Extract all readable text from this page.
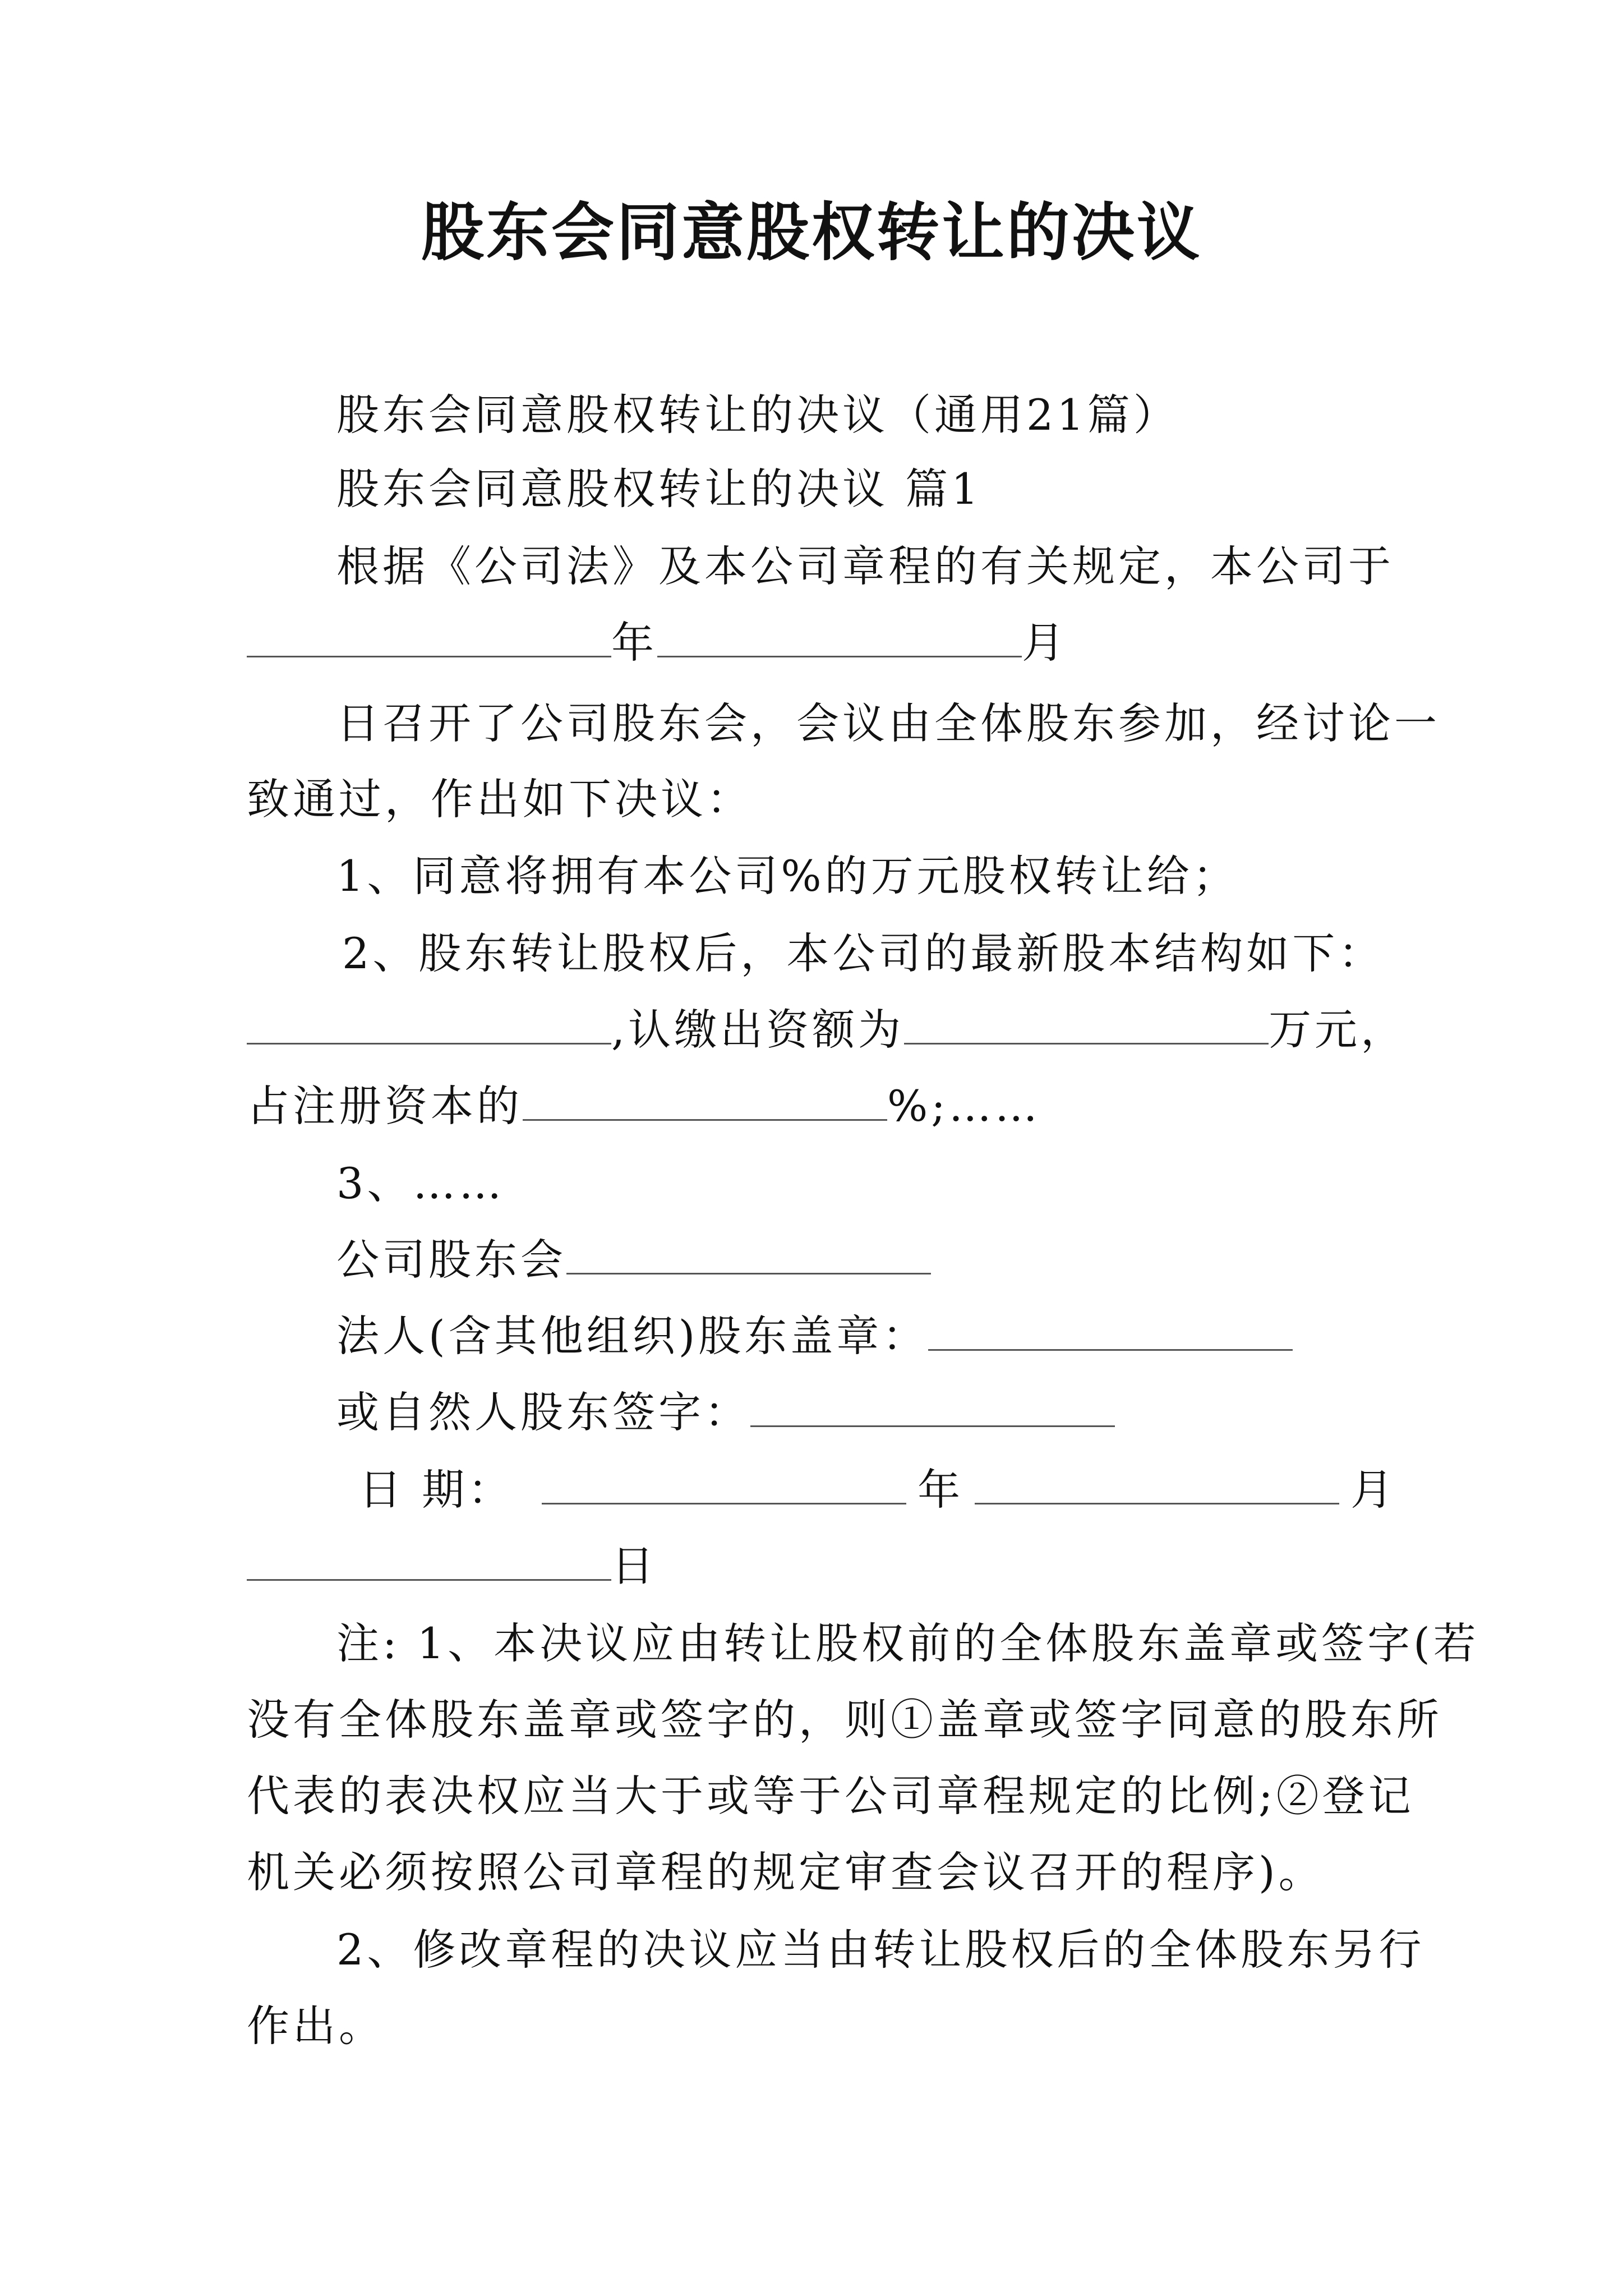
股东会同意股权转让的决议
股东会同意股权转让的决议（通用21篇）
股东会同意股权转让的决议 篇1
根据《公司法》及本公司章程的有关规定，本公司于
年	月
日召开了公司股东会，会议由全体股东参加，经讨论一
致通过，作出如下决议：
1、同意将拥有本公司%的万元股权转让给；
2、股东转让股权后，本公司的最新股本结构如下：
,认缴出资额为	万元，
占注册资本的	%;……
3、……
公司股东会
法人(含其他组织)股东盖章：
或自然人股东签字：
日 期：	年	月
日
注: 1、本决议应由转让股权前的全体股东盖章或签字(若
没有全体股东盖章或签字的，则①盖章或签字同意的股东所
代表的表决权应当大于或等于公司章程规定的比例;②登记
机关必须按照公司章程的规定审查会议召开的程序)。
2、修改章程的决议应当由转让股权后的全体股东另行
作出。
